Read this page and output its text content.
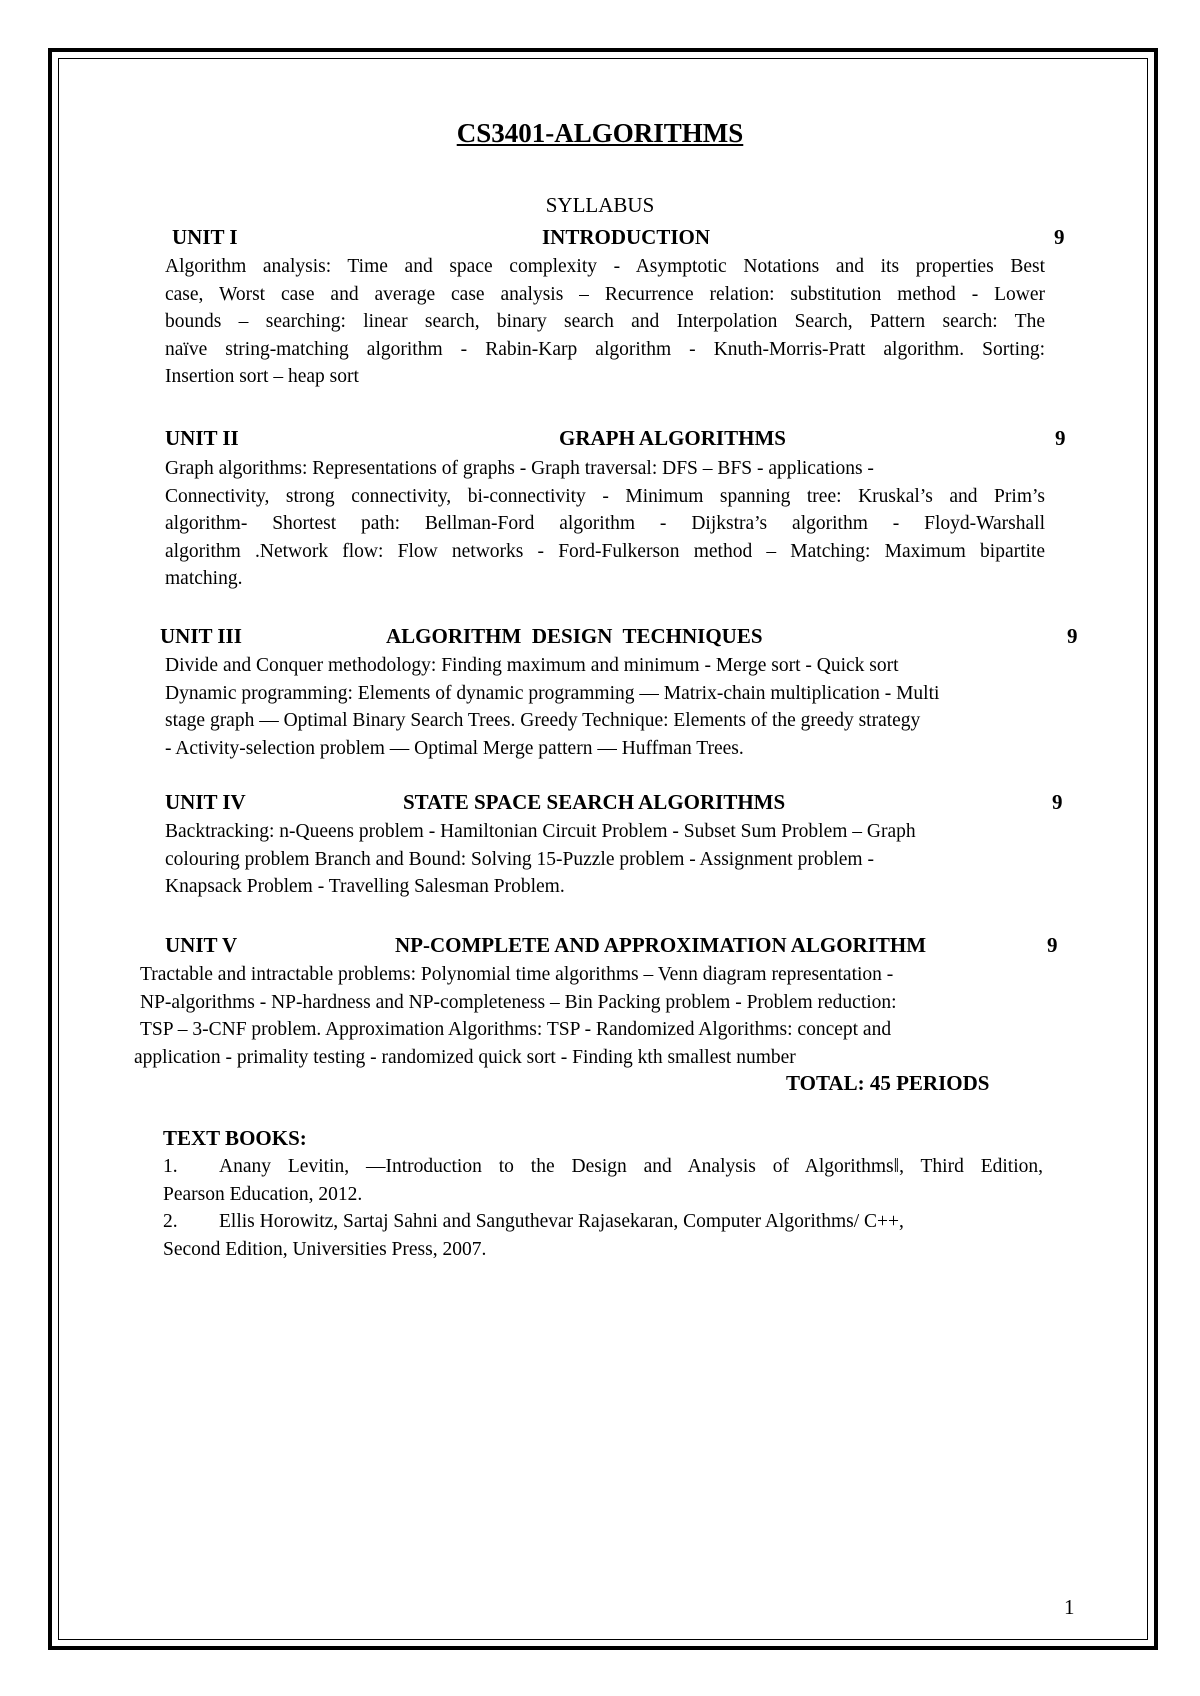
CS3401-ALGORITHMS
SYLLABUS
UNIT I	INTRODUCTION	9
Algorithm analysis: Time and space complexity - Asymptotic Notations and its properties Best
case, Worst case and average case analysis – Recurrence relation: substitution method - Lower
bounds – searching: linear search, binary search and Interpolation Search, Pattern search: The
naïve string-matching algorithm - Rabin-Karp algorithm - Knuth-Morris-Pratt algorithm. Sorting:
Insertion sort – heap sort
UNIT II	GRAPH ALGORITHMS	9
Graph algorithms: Representations of graphs - Graph traversal: DFS – BFS - applications -
Connectivity, strong connectivity, bi-connectivity - Minimum spanning tree: Kruskal’s and Prim’s
algorithm- Shortest path: Bellman-Ford algorithm - Dijkstra’s algorithm - Floyd-Warshall
algorithm .Network flow: Flow networks - Ford-Fulkerson method – Matching: Maximum bipartite
matching.
UNIT III	ALGORITHM  DESIGN  TECHNIQUES	9
Divide and Conquer methodology: Finding maximum and minimum - Merge sort - Quick sort
Dynamic programming: Elements of dynamic programming — Matrix-chain multiplication - Multi
stage graph — Optimal Binary Search Trees. Greedy Technique: Elements of the greedy strategy
- Activity-selection problem — Optimal Merge pattern — Huffman Trees.
UNIT IV	STATE SPACE SEARCH ALGORITHMS	9
Backtracking: n-Queens problem - Hamiltonian Circuit Problem - Subset Sum Problem – Graph
colouring problem Branch and Bound: Solving 15-Puzzle problem - Assignment problem -
Knapsack Problem - Travelling Salesman Problem.
UNIT V	NP-COMPLETE AND APPROXIMATION ALGORITHM	9
Tractable and intractable problems: Polynomial time algorithms – Venn diagram representation -
NP-algorithms - NP-hardness and NP-completeness – Bin Packing problem - Problem reduction:
TSP – 3-CNF problem. Approximation Algorithms: TSP - Randomized Algorithms: concept and
application - primality testing - randomized quick sort - Finding kth smallest number
TOTAL: 45 PERIODS
TEXT BOOKS:
1. Anany Levitin, ―Introduction to the Design and Analysis of Algorithms‖, Third Edition,
Pearson Education, 2012.
2. Ellis Horowitz, Sartaj Sahni and Sanguthevar Rajasekaran, Computer Algorithms/ C++,
Second Edition, Universities Press, 2007.
1
